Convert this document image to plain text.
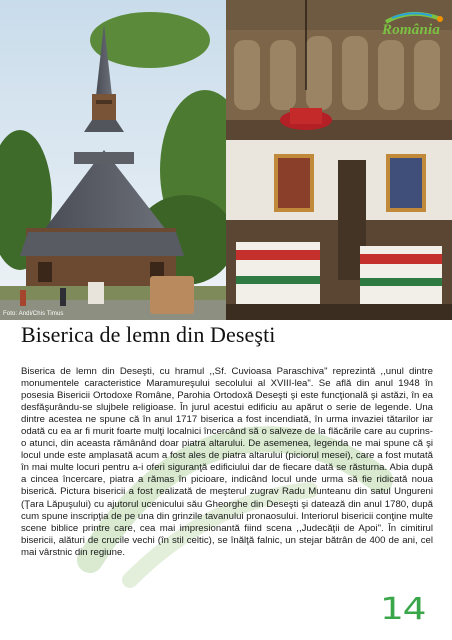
Foto: Andi/Chis Timus
România
Biserica de lemn din Deseşti

Biserica de lemn din Deseşti, cu hramul ,,Sf. Cuvioasa Paraschiva" reprezintă ,,unul dintre monumentele caracteristice Maramureşului secolului al XVIII-lea". Se află din anul 1948 în posesia Bisericii Ortodoxe Române, Parohia Ortodoxă Deseşti şi este funcţională şi astăzi, în ea desfăşurându-se slujbele religioase. În jurul acestui edificiu au apărut o serie de legende. Una dintre acestea ne spune că în anul 1717 biserica a fost incendiată, în urma invaziei tătarilor iar odată cu ea ar fi murit foarte mulţi localnici încercând să o salveze de la flăcările care au cuprins-o atunci, din aceasta rămânând doar piatra altarului. De asemenea, legenda ne mai spune că şi locul unde este amplasată acum a fost ales de piatra altarului (piciorul mesei), care a fost mutată în mai multe locuri pentru a-i oferi siguranţă edificiului dar de fiecare dată se răsturna. Abia după a cincea încercare, piatra a rămas în picioare, indicând locul unde urma să fie ridicată noua biserică. Pictura bisericii a fost realizată de meşterul zugrav Radu Munteanu din satul Ungureni (Ţara Lăpuşului) cu ajutorul ucenicului său Gheorghe din Deseşti şi datează din anul 1780, după cum spune inscripţia de pe una din grinzile tavanului pronaosului. Interiorul bisericii conţine multe scene biblice printre care, cea mai impresionantă fiind scena ,,Judecăţii de Apoi". În cimitirul bisericii, alături de crucile vechi (în stil celtic), se înălţă falnic, un stejar bătrân de 400 de ani, cel mai vârstnic din regiune.

14
